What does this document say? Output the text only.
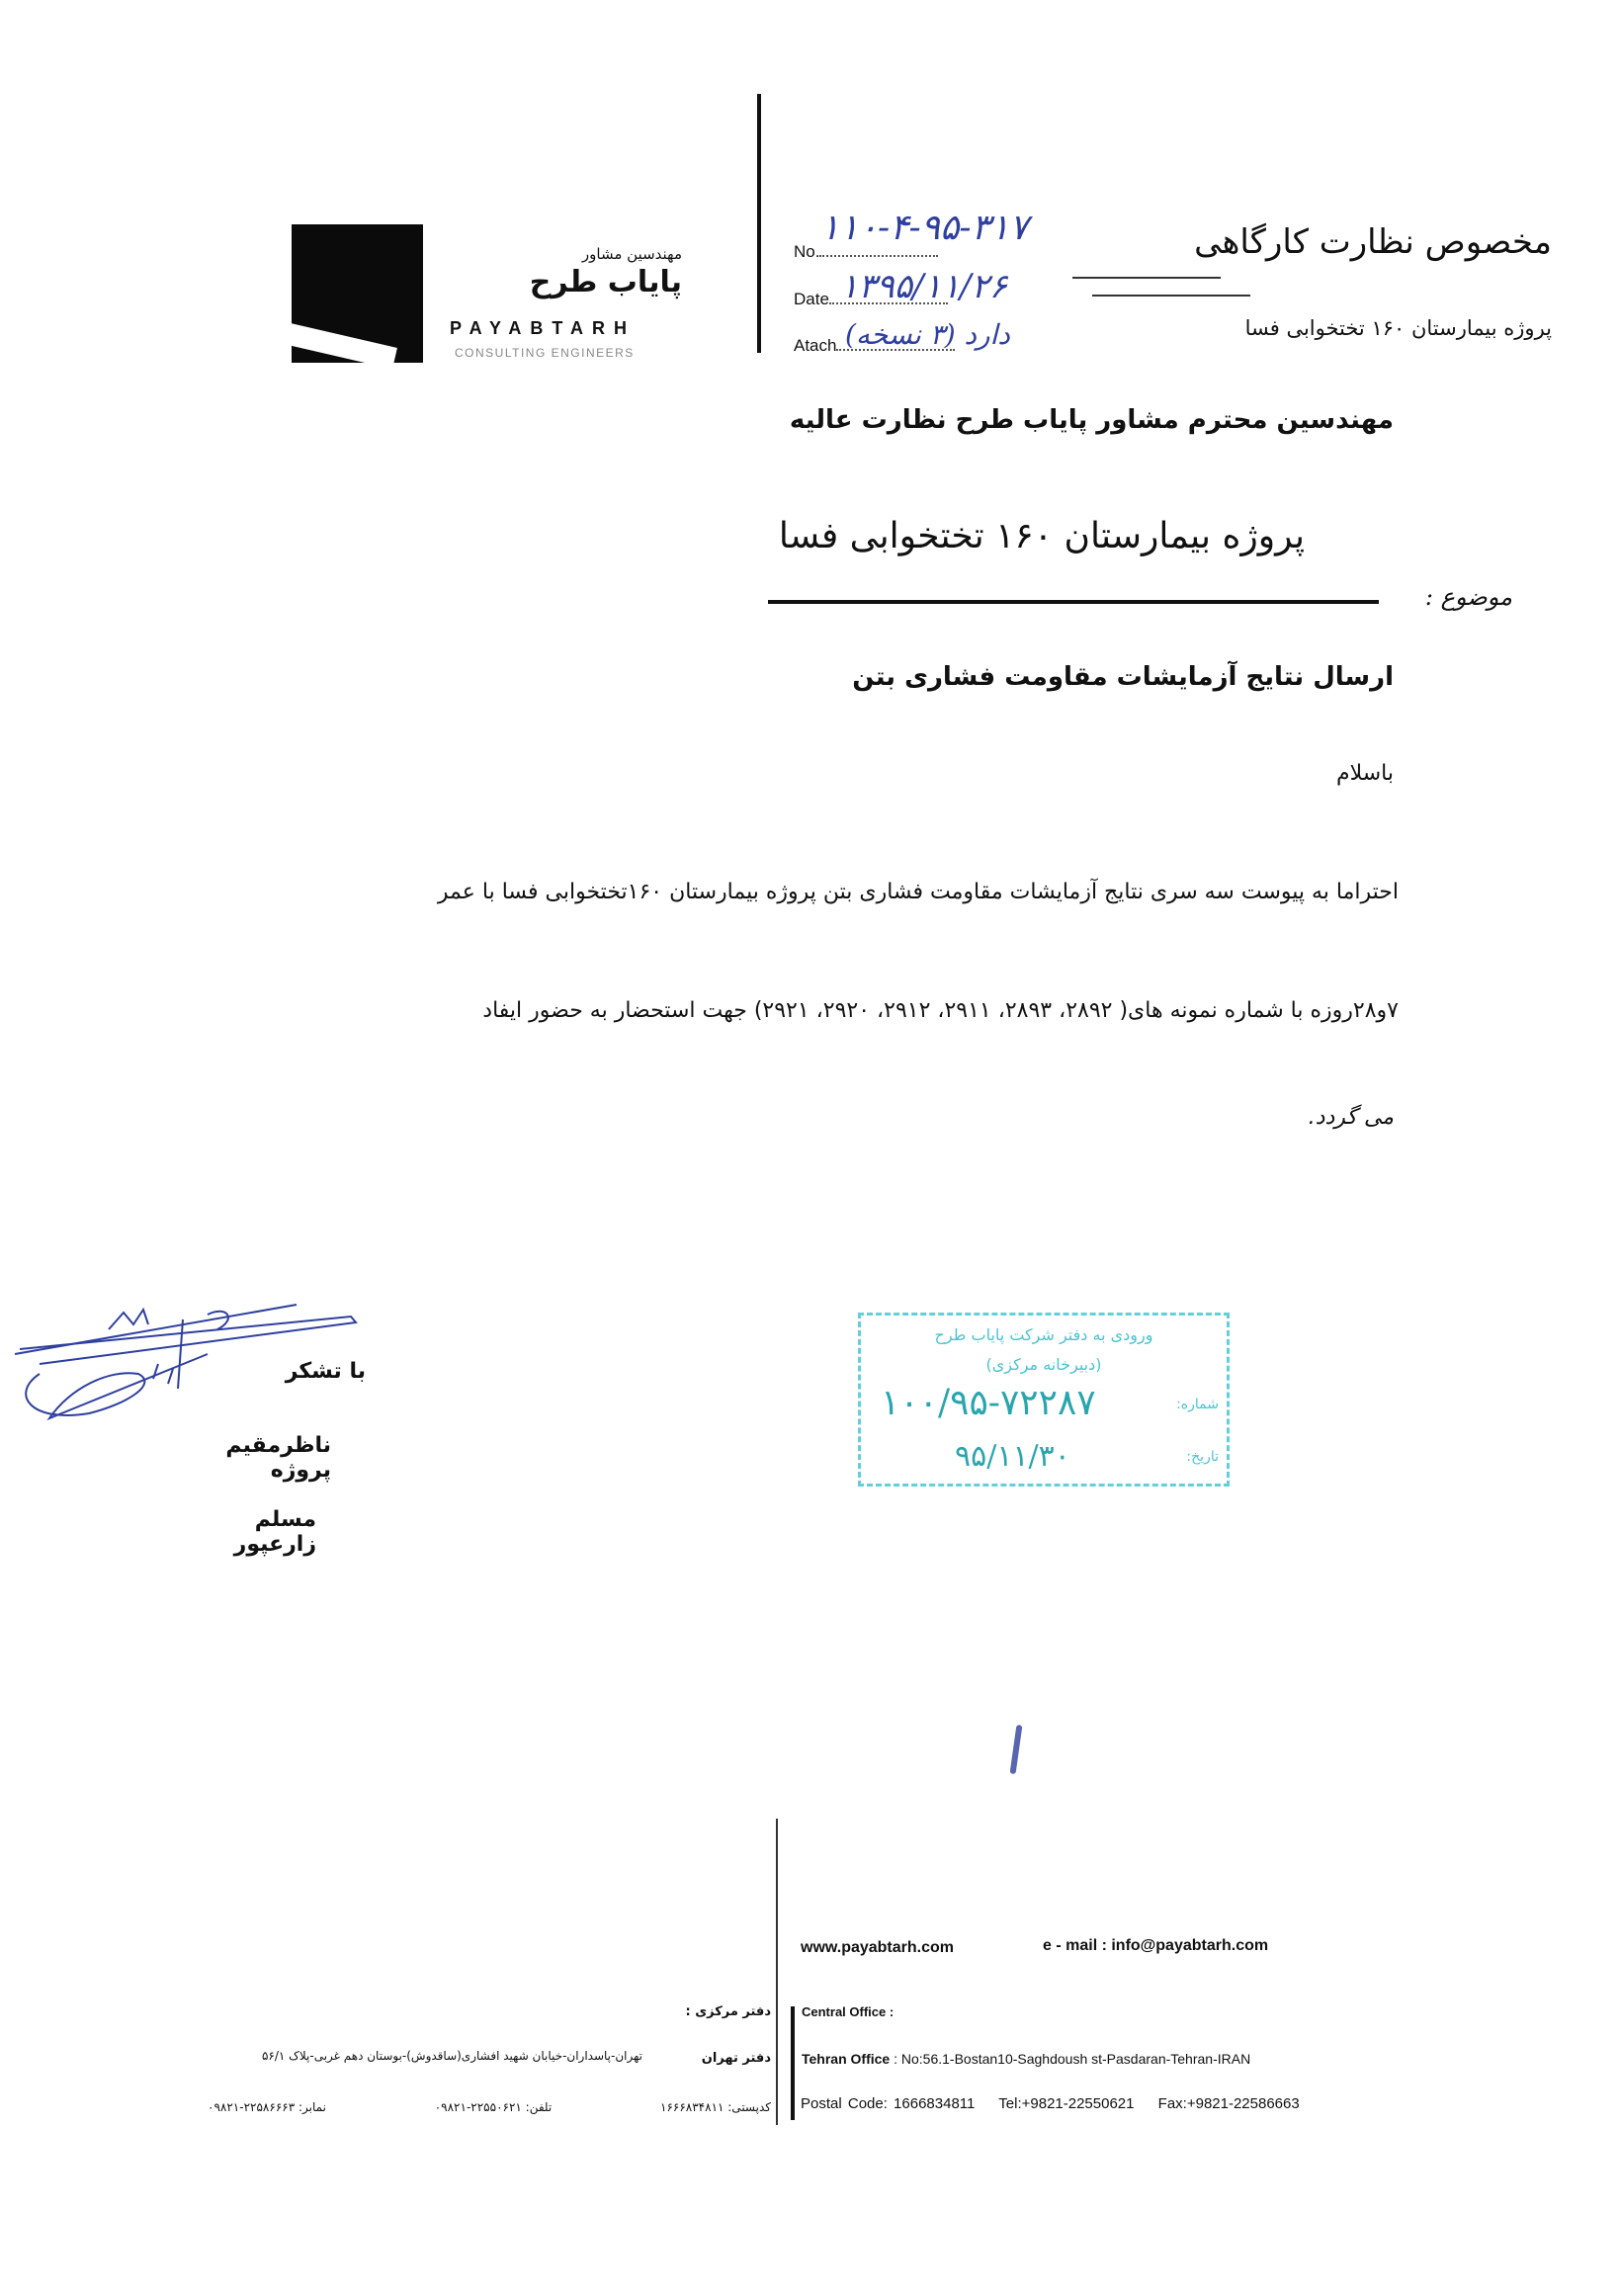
مهندسین مشاور
پایاب طرح
PAYABTARH
CONSULTING ENGINEERS
No.
۱۱۰-۴-۹۵-۳۱۷
Date ۱۳۹۵/۱۱/۲۶
Atach دارد (۳ نسخه)
مخصوص نظارت کارگاهی
پروژه بیمارستان ۱۶۰ تختخوابی فسا
مهندسین محترم مشاور پایاب طرح نظارت عالیه
پروژه بیمارستان ۱۶۰ تختخوابی فسا
موضوع :
ارسال نتایج آزمایشات مقاومت فشاری بتن
باسلام
احتراما به پیوست سه سری نتایج آزمایشات مقاومت فشاری بتن پروژه بیمارستان ۱۶۰تختخوابی فسا با عمر
۷و۲۸روزه با شماره نمونه های( ۲۸۹۲، ۲۸۹۳، ۲۹۱۱، ۲۹۱۲، ۲۹۲۰، ۲۹۲۱) جهت استحضار به حضور ایفاد
می گردد.
با تشکر
ناظرمقیم پروژه
مسلم زارعپور
ورودی به دفتر شرکت پایاب طرح
(دبیرخانه مرکزی)
شماره:
۱۰۰/۹۵-۷۲۲۸۷
تاریخ:
۹۵/۱۱/۳۰
www.payabtarh.com	e - mail : info@payabtarh.com
Central Office :
Tehran Office : No:56.1-Bostan10-Saghdoush st-Pasdaran-Tehran-IRAN
Postal Code: 1666834811 Tel:+9821-22550621 Fax:+9821-22586663
دفتر مرکزی :
دفتر تهران
تهران-پاسداران-خیابان شهید افشاری(ساقدوش)-بوستان دهم غربی-پلاک ۵۶/۱
کدپستی: ۱۶۶۶۸۳۴۸۱۱
تلفن: ۲۲۵۵۰۶۲۱-۰۹۸۲۱
نمابر: ۲۲۵۸۶۶۶۳-۰۹۸۲۱
